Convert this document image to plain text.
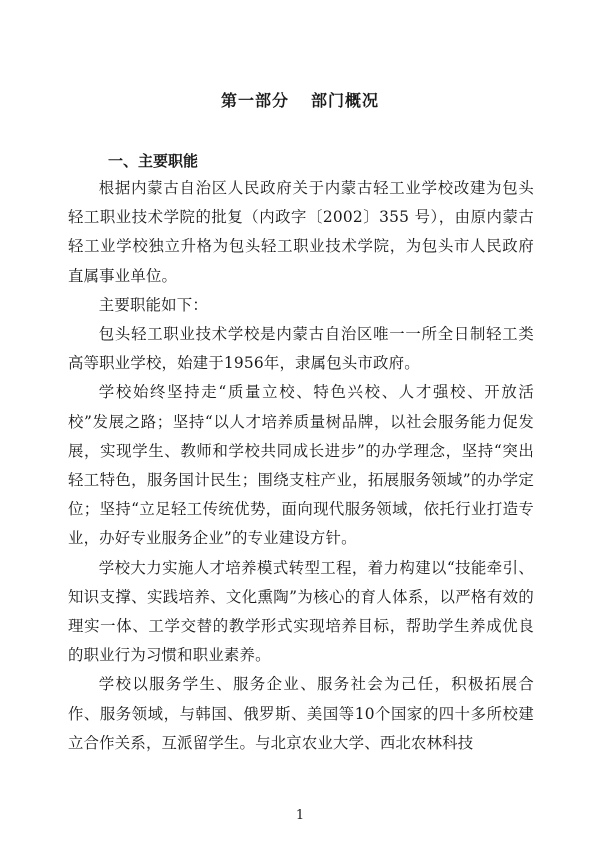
第一部分 部门概况
一、主要职能

根据内蒙古自治区人民政府关于内蒙古轻工业学校改建为包头轻工职业技术学院的批复（内政字〔2002〕355 号），由原内蒙古轻工业学校独立升格为包头轻工职业技术学院，为包头市人民政府直属事业单位。

主要职能如下：

包头轻工职业技术学校是内蒙古自治区唯一一所全日制轻工类高等职业学校，始建于1956年，隶属包头市政府。

学校始终坚持走“质量立校、特色兴校、人才强校、开放活校”发展之路；坚持“以人才培养质量树品牌，以社会服务能力促发展，实现学生、教师和学校共同成长进步”的办学理念，坚持“突出轻工特色，服务国计民生；围绕支柱产业，拓展服务领域”的办学定位；坚持“立足轻工传统优势，面向现代服务领域，依托行业打造专业，办好专业服务企业”的专业建设方针。

学校大力实施人才培养模式转型工程，着力构建以“技能牵引、知识支撑、实践培养、文化熏陶”为核心的育人体系，以严格有效的理实一体、工学交替的教学形式实现培养目标，帮助学生养成优良的职业行为习惯和职业素养。

学校以服务学生、服务企业、服务社会为己任，积极拓展合作、服务领域，与韩国、俄罗斯、美国等10个国家的四十多所校建立合作关系，互派留学生。与北京农业大学、西北农林科技

1
